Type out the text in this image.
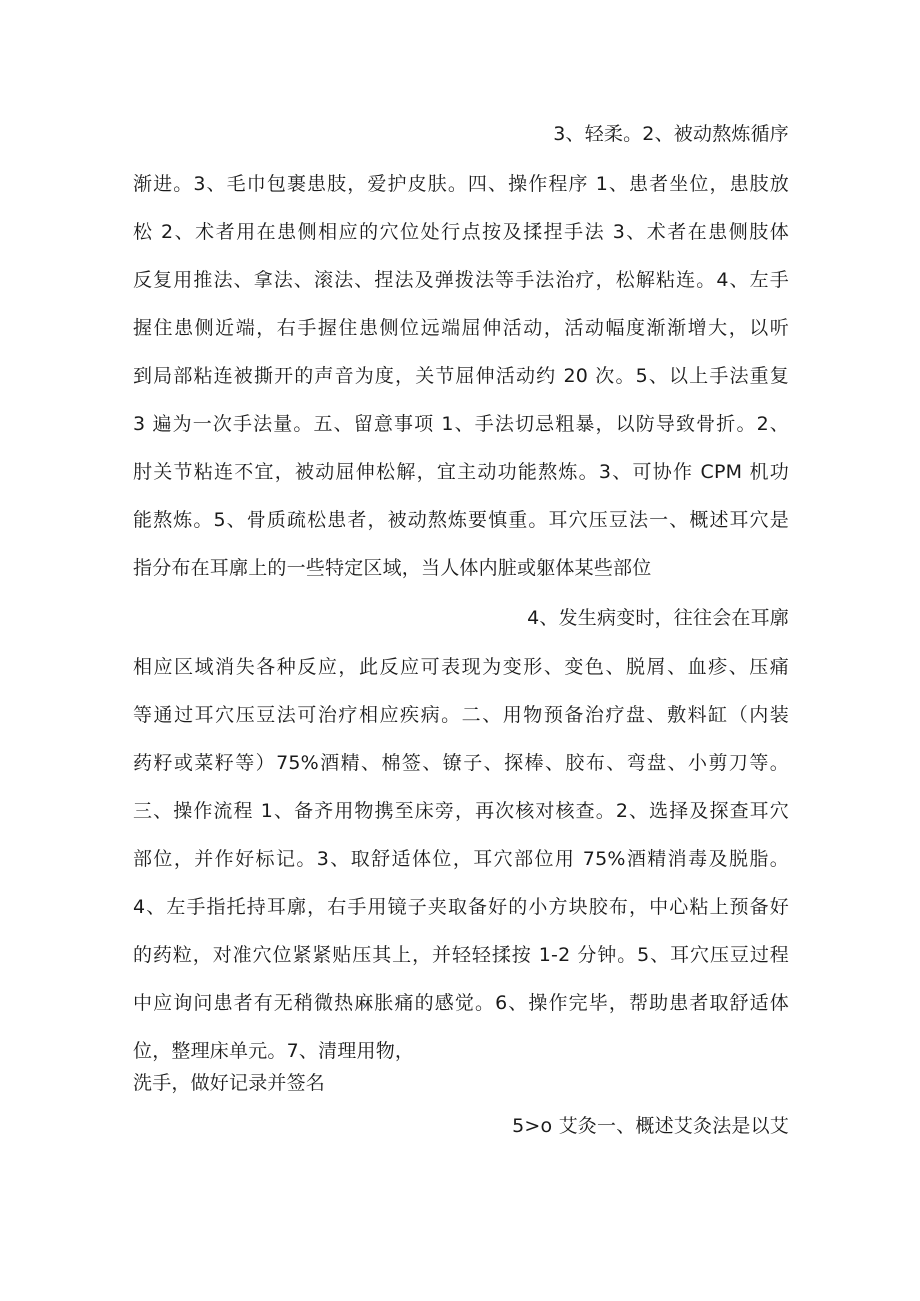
3、轻柔。2、被动熬炼循序
渐进。3、毛巾包裹患肢，爱护皮肤。四、操作程序 1、患者坐位，患肢放
松 2、术者用在患侧相应的穴位处行点按及揉捏手法 3、术者在患侧肢体
反复用推法、拿法、滚法、捏法及弹拨法等手法治疗，松解粘连。4、左手
握住患侧近端，右手握住患侧位远端屈伸活动，活动幅度渐渐增大，以听
到局部粘连被撕开的声音为度，关节屈伸活动约 20 次。5、以上手法重复
3 遍为一次手法量。五、留意事项 1、手法切忌粗暴，以防导致骨折。2、
肘关节粘连不宜，被动屈伸松解，宜主动功能熬炼。3、可协作 CPM 机功
能熬炼。5、骨质疏松患者，被动熬炼要慎重。耳穴压豆法一、概述耳穴是
指分布在耳廓上的一些特定区域，当人体内脏或躯体某些部位
4、发生病变时，往往会在耳廓
相应区域消失各种反应，此反应可表现为变形、变色、脱屑、血疹、压痛
等通过耳穴压豆法可治疗相应疾病。二、用物预备治疗盘、敷料缸（内装
药籽或菜籽等）75%酒精、棉签、镣子、探棒、胶布、弯盘、小剪刀等。
三、操作流程 1、备齐用物携至床旁，再次核对核查。2、选择及探查耳穴
部位，并作好标记。3、取舒适体位，耳穴部位用 75%酒精消毒及脱脂。
4、左手指托持耳廓，右手用镜子夹取备好的小方块胶布，中心粘上预备好
的药粒，对准穴位紧紧贴压其上，并轻轻揉按 1-2 分钟。5、耳穴压豆过程
中应询问患者有无稍微热麻胀痛的感觉。6、操作完毕，帮助患者取舒适体
位，整理床单元。7、清理用物，
洗手，做好记录并签名
5>o 艾灸一、概述艾灸法是以艾
